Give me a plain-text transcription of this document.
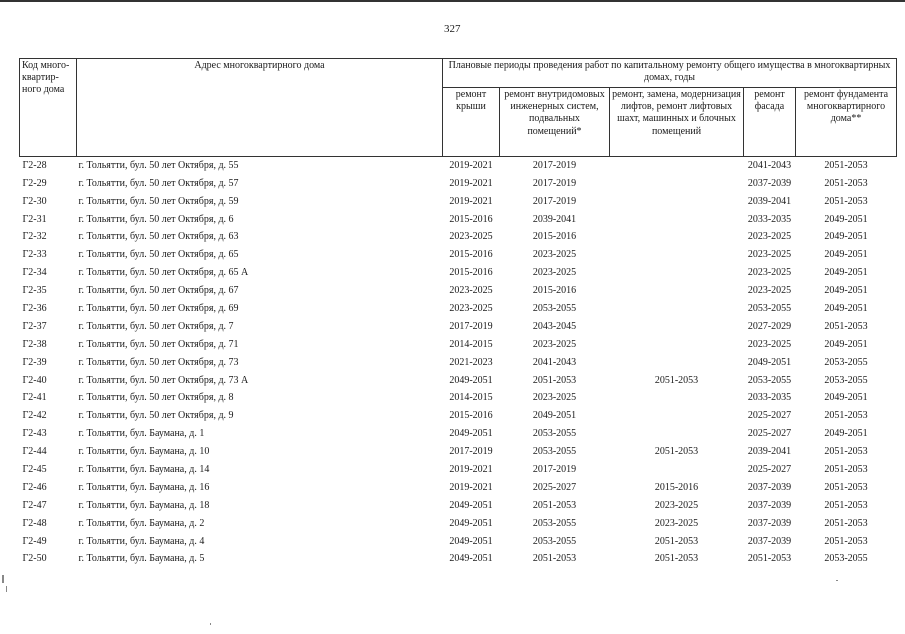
327
Код много-квартир-ного дома	Адрес многоквартирного дома	Плановые периоды проведения работ по капитальному ремонту общего имущества в многоквартирных домах, годы				
		ремонт крыши	ремонт внутридомовых инженерных систем, подвальных помещений*	ремонт, замена, модернизация лифтов, ремонт лифтовых шахт, машинных и блочных помещений	ремонт фасада	ремонт фундамента многоквартирного дома**
Г2-28	г. Тольятти, бул. 50 лет Октября, д. 55	2019-2021	2017-2019		2041-2043	2051-2053
Г2-29	г. Тольятти, бул. 50 лет Октября, д. 57	2019-2021	2017-2019		2037-2039	2051-2053
Г2-30	г. Тольятти, бул. 50 лет Октября, д. 59	2019-2021	2017-2019		2039-2041	2051-2053
Г2-31	г. Тольятти, бул. 50 лет Октября, д. 6	2015-2016	2039-2041		2033-2035	2049-2051
Г2-32	г. Тольятти, бул. 50 лет Октября, д. 63	2023-2025	2015-2016		2023-2025	2049-2051
Г2-33	г. Тольятти, бул. 50 лет Октября, д. 65	2015-2016	2023-2025		2023-2025	2049-2051
Г2-34	г. Тольятти, бул. 50 лет Октября, д. 65 А	2015-2016	2023-2025		2023-2025	2049-2051
Г2-35	г. Тольятти, бул. 50 лет Октября, д. 67	2023-2025	2015-2016		2023-2025	2049-2051
Г2-36	г. Тольятти, бул. 50 лет Октября, д. 69	2023-2025	2053-2055		2053-2055	2049-2051
Г2-37	г. Тольятти, бул. 50 лет Октября, д. 7	2017-2019	2043-2045		2027-2029	2051-2053
Г2-38	г. Тольятти, бул. 50 лет Октября, д. 71	2014-2015	2023-2025		2023-2025	2049-2051
Г2-39	г. Тольятти, бул. 50 лет Октября, д. 73	2021-2023	2041-2043		2049-2051	2053-2055
Г2-40	г. Тольятти, бул. 50 лет Октября, д. 73 А	2049-2051	2051-2053	2051-2053	2053-2055	2053-2055
Г2-41	г. Тольятти, бул. 50 лет Октября, д. 8	2014-2015	2023-2025		2033-2035	2049-2051
Г2-42	г. Тольятти, бул. 50 лет Октября, д. 9	2015-2016	2049-2051		2025-2027	2051-2053
Г2-43	г. Тольятти, бул. Баумана, д. 1	2049-2051	2053-2055		2025-2027	2049-2051
Г2-44	г. Тольятти, бул. Баумана, д. 10	2017-2019	2053-2055	2051-2053	2039-2041	2051-2053
Г2-45	г. Тольятти, бул. Баумана, д. 14	2019-2021	2017-2019		2025-2027	2051-2053
Г2-46	г. Тольятти, бул. Баумана, д. 16	2019-2021	2025-2027	2015-2016	2037-2039	2051-2053
Г2-47	г. Тольятти, бул. Баумана, д. 18	2049-2051	2051-2053	2023-2025	2037-2039	2051-2053
Г2-48	г. Тольятти, бул. Баумана, д. 2	2049-2051	2053-2055	2023-2025	2037-2039	2051-2053
Г2-49	г. Тольятти, бул. Баумана, д. 4	2049-2051	2053-2055	2051-2053	2037-2039	2051-2053
Г2-50	г. Тольятти, бул. Баумана, д. 5	2049-2051	2051-2053	2051-2053	2051-2053	2053-2055
